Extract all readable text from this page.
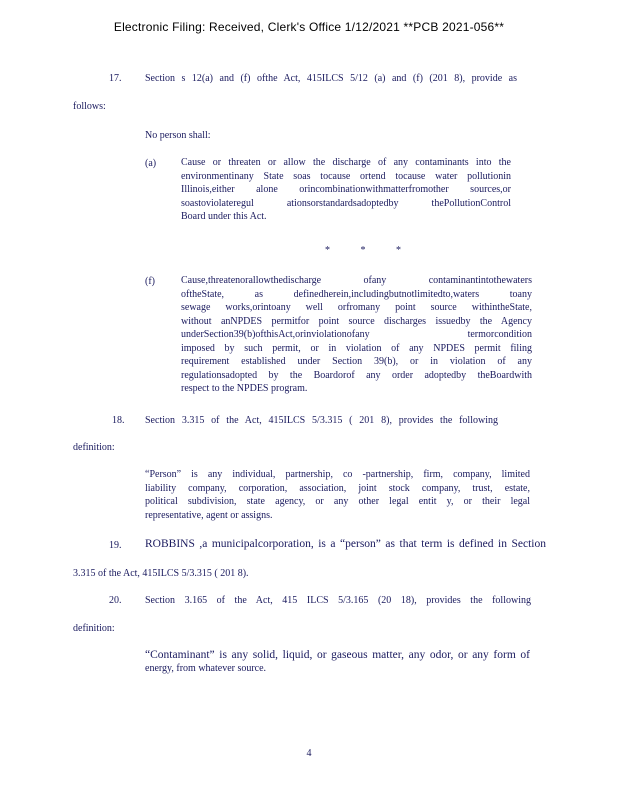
Electronic Filing: Received, Clerk's Office 1/12/2021 **PCB 2021-056**
17. Section s 12(a) and (f) ofthe Act, 415ILCS 5/12 (a) and (f) (201 8), provide as
follows:
No person shall:
(a) Cause or threaten or allow the discharge of any contaminants into the
environmentinany State soas tocause ortend tocause water pollutionin
Illinois,either alone orincombinationwithmatterfromother sources,or
soastoviolateregul ationsorstandardsadoptedby thePollutionControl
Board under this Act.
* * *
(f)	Cause,threatenorallowthedischarge ofany contaminantintothewaters
oftheState, as definedherein,includingbutnotlimitedto,waters toany
sewage works,orintoany well orfromany point source withintheState,
without anNPDES permitfor point source discharges issuedby the Agency
underSection39(b)ofthisAct,orinviolationofany termorcondition
imposed by such permit, or in violation of any NPDES permit filing
requirement established under Section 39(b), or in violation of any
regulationsadopted by the Boardorof any order adoptedby theBoardwith
respect to the NPDES program.
18. Section 3.315 of the Act, 415ILCS 5/3.315 ( 201 8), provides the following
definition:
“Person” is any individual, partnership, co -partnership, firm, company, limited
liability company, corporation, association, joint stock company, trust, estate,
political subdivision, state agency, or any other legal entit y, or their legal
representative, agent or assigns.
19. ROBBINS ,a municipalcorporation, is a “person” as that term is defined in Section
3.315 of the Act, 415ILCS 5/3.315 ( 201 8).
20. Section 3.165 of the Act, 415 ILCS 5/3.165 (20 18), provides the following
definition:
“Contaminant” is any solid, liquid, or gaseous matter, any odor, or any form of
energy, from whatever source.
4
